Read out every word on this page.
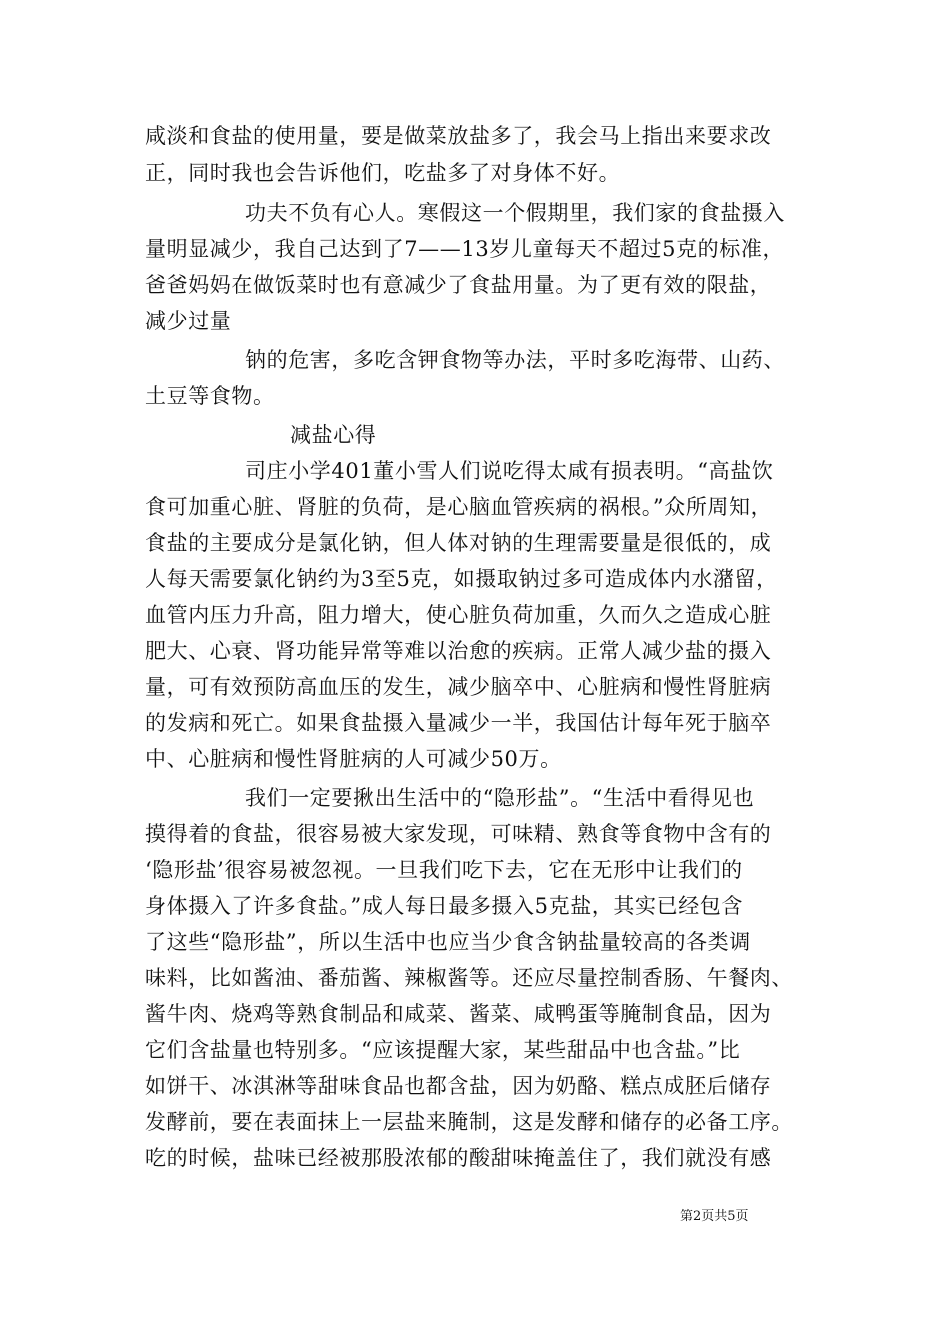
咸淡和食盐的使用量，要是做菜放盐多了，我会马上指出来要求改
正，同时我也会告诉他们，吃盐多了对身体不好。
功夫不负有心人。寒假这一个假期里，我们家的食盐摄入
量明显减少，我自己达到了7——13岁儿童每天不超过5克的标准，
爸爸妈妈在做饭菜时也有意减少了食盐用量。为了更有效的限盐，
减少过量
钠的危害，多吃含钾食物等办法，平时多吃海带、山药、
土豆等食物。
减盐心得
司庄小学401董小雪人们说吃得太咸有损表明。“高盐饮
食可加重心脏、肾脏的负荷，是心脑血管疾病的祸根。”众所周知，
食盐的主要成分是氯化钠，但人体对钠的生理需要量是很低的，成
人每天需要氯化钠约为3至5克，如摄取钠过多可造成体内水潴留，
血管内压力升高，阻力增大，使心脏负荷加重，久而久之造成心脏
肥大、心衰、肾功能异常等难以治愈的疾病。正常人减少盐的摄入
量，可有效预防高血压的发生，减少脑卒中、心脏病和慢性肾脏病
的发病和死亡。如果食盐摄入量减少一半，我国估计每年死于脑卒
中、心脏病和慢性肾脏病的人可减少50万。
我们一定要揪出生活中的“隐形盐”。“生活中看得见也
摸得着的食盐，很容易被大家发现，可味精、熟食等食物中含有的
‘隐形盐’很容易被忽视。一旦我们吃下去，它在无形中让我们的
身体摄入了许多食盐。”成人每日最多摄入5克盐，其实已经包含
了这些“隐形盐”，所以生活中也应当少食含钠盐量较高的各类调
味料，比如酱油、番茄酱、辣椒酱等。还应尽量控制香肠、午餐肉、
酱牛肉、烧鸡等熟食制品和咸菜、酱菜、咸鸭蛋等腌制食品，因为
它们含盐量也特别多。“应该提醒大家，某些甜品中也含盐。”比
如饼干、冰淇淋等甜味食品也都含盐，因为奶酪、糕点成胚后储存
发酵前，要在表面抹上一层盐来腌制，这是发酵和储存的必备工序。
吃的时候，盐味已经被那股浓郁的酸甜味掩盖住了，我们就没有感
第2页共5页
